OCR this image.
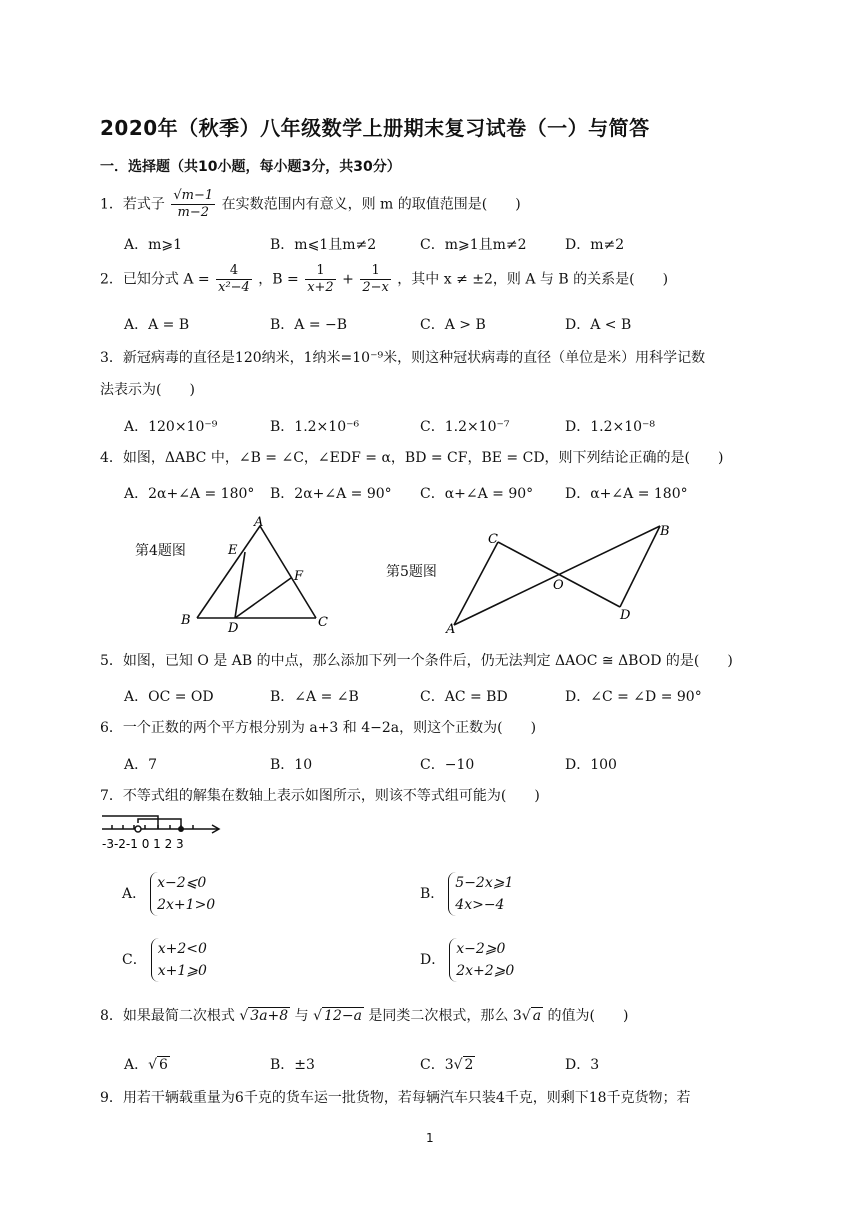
2020年（秋季）八年级数学上册期末复习试卷（一）与简答
一．选择题（共10小题，每小题3分，共30分）
1．若式子 $\frac{√m-1}{m-2}$ 在实数范围内有意义，则 m 的取值范围是(　　)
A．m⩾1	B．m⩽1且m≠2	C．m⩾1且m≠2	D．m≠2
2．已知分式 $A = \frac{4}{\text{x²−4}}$ ，$B = \frac{1}{x+2} + \frac{1}{2-x}$ ，其中 x ≠ ±2，则 A 与 B 的关系是(　　)
A．A = B	B．A = −B	C．A > B	D．A < B
3．新冠病毒的直径是120纳米，1纳米=10⁻⁹米，则这种冠状病毒的直径（单位是米）用科学记数
法表示为(　　)
A．120×10⁻⁹	B．1.2×10⁻⁶	C．1.2×10⁻⁷	D．1.2×10⁻⁸
4．如图，ΔABC 中，∠B = ∠C，∠EDF = α，BD = CF，BE = CD，则下列结论正确的是(　　)
A．2α+∠A = 180° B．2α+∠A = 90° C．α+∠A = 90° D．α+∠A = 180°
第4题图
A
B	C
D
E
F	第5题图
A
B
C
D
O
5．如图，已知 O 是 AB 的中点，那么添加下列一个条件后，仍无法判定 ΔAOC ≅ ΔBOD 的是(　　)
A．OC = OD	B．∠A = ∠B	C．AC = BD	D．∠C = ∠D = 90°
6．一个正数的两个平方根分别为 a+3 和 4−2a，则这个正数为(　　)
A．7	B．10	C．−10	D．100
7．不等式组的解集在数轴上表示如图所示，则该不等式组可能为(　　)
-3-2-1 0 1 2 3
A．x−2⩽0
2x+1>0
B．5−2x⩾1
4x>−4
C．x+2<0
x+1⩾0
D．x−2⩾0
2x+2⩾0
8．如果最简二次根式 √ 3a+8 与 √ 12−a 是同类二次根式，那么 3√ a 的值为(　　)
A．√ 6	B．±3	C．3√ 2	D．3
9．用若干辆载重量为6千克的货车运一批货物，若每辆汽车只装4千克，则剩下18千克货物；若
1
